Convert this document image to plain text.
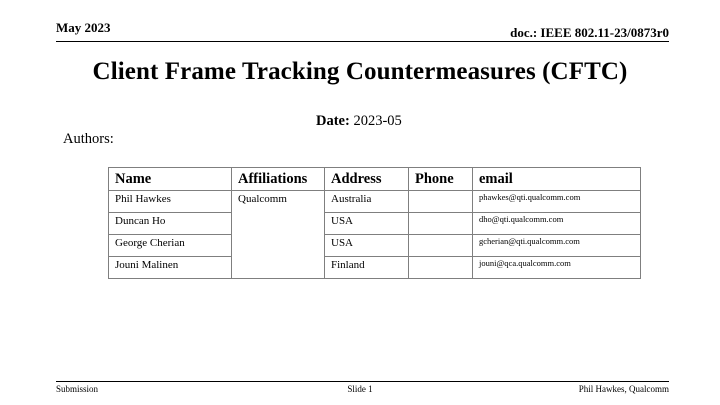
May 2023	doc.: IEEE 802.11-23/0873r0
Client Frame Tracking Countermeasures (CFTC)
Date: 2023-05
Authors:
Name	Affiliations	Address	Phone	email
Phil Hawkes	Qualcomm	Australia		phawkes@qti.qualcomm.com
Duncan Ho		USA		dho@qti.qualcomm.com
George Cherian		USA		gcherian@qti.qualcomm.com
Jouni Malinen		Finland		jouni@qca.qualcomm.com
Submission	Slide 1	Phil Hawkes, Qualcomm
